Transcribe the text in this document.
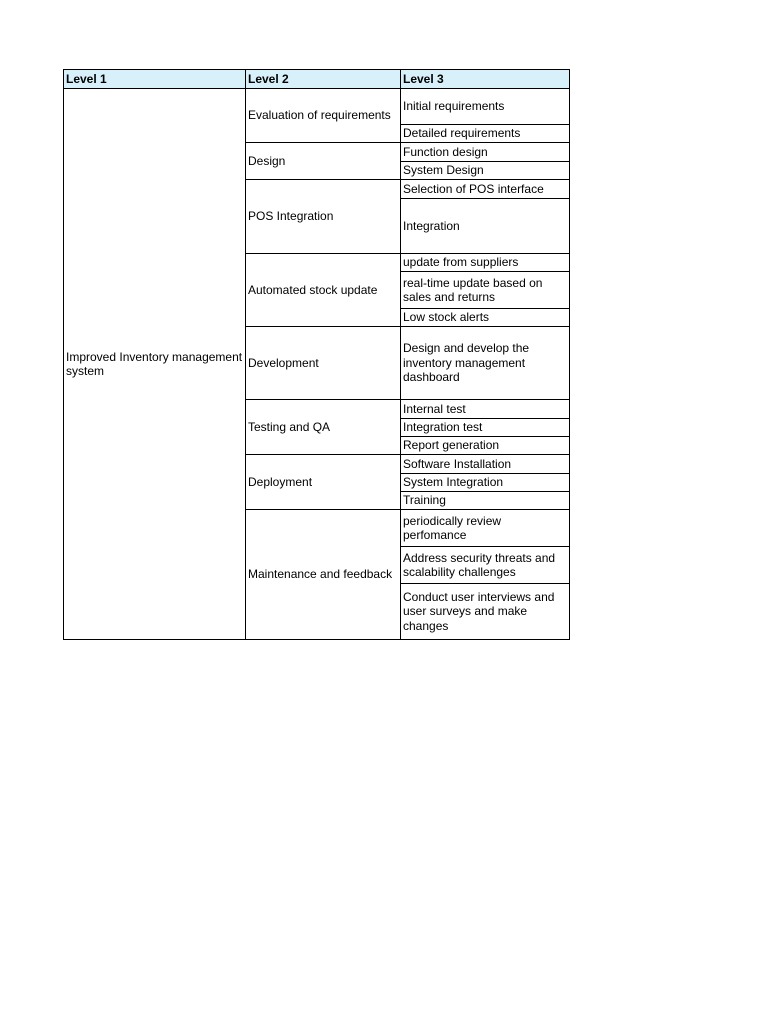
Level 1	Level 2	Level 3
Improved Inventory management system	Evaluation of requirements	Initial requirements
		Detailed requirements
	Design	Function design
		System Design
	POS Integration	Selection of POS interface
		Integration
	Automated stock update	update from suppliers
		real-time update based on sales and returns
		Low stock alerts
	Development	Design and develop the inventory management dashboard
	Testing and QA	Internal test
		Integration test
		Report generation
	Deployment	Software Installation
		System Integration
		Training
	Maintenance and feedback	periodically review perfomance
		Address security threats and scalability challenges
		Conduct user interviews and user surveys and make changes
